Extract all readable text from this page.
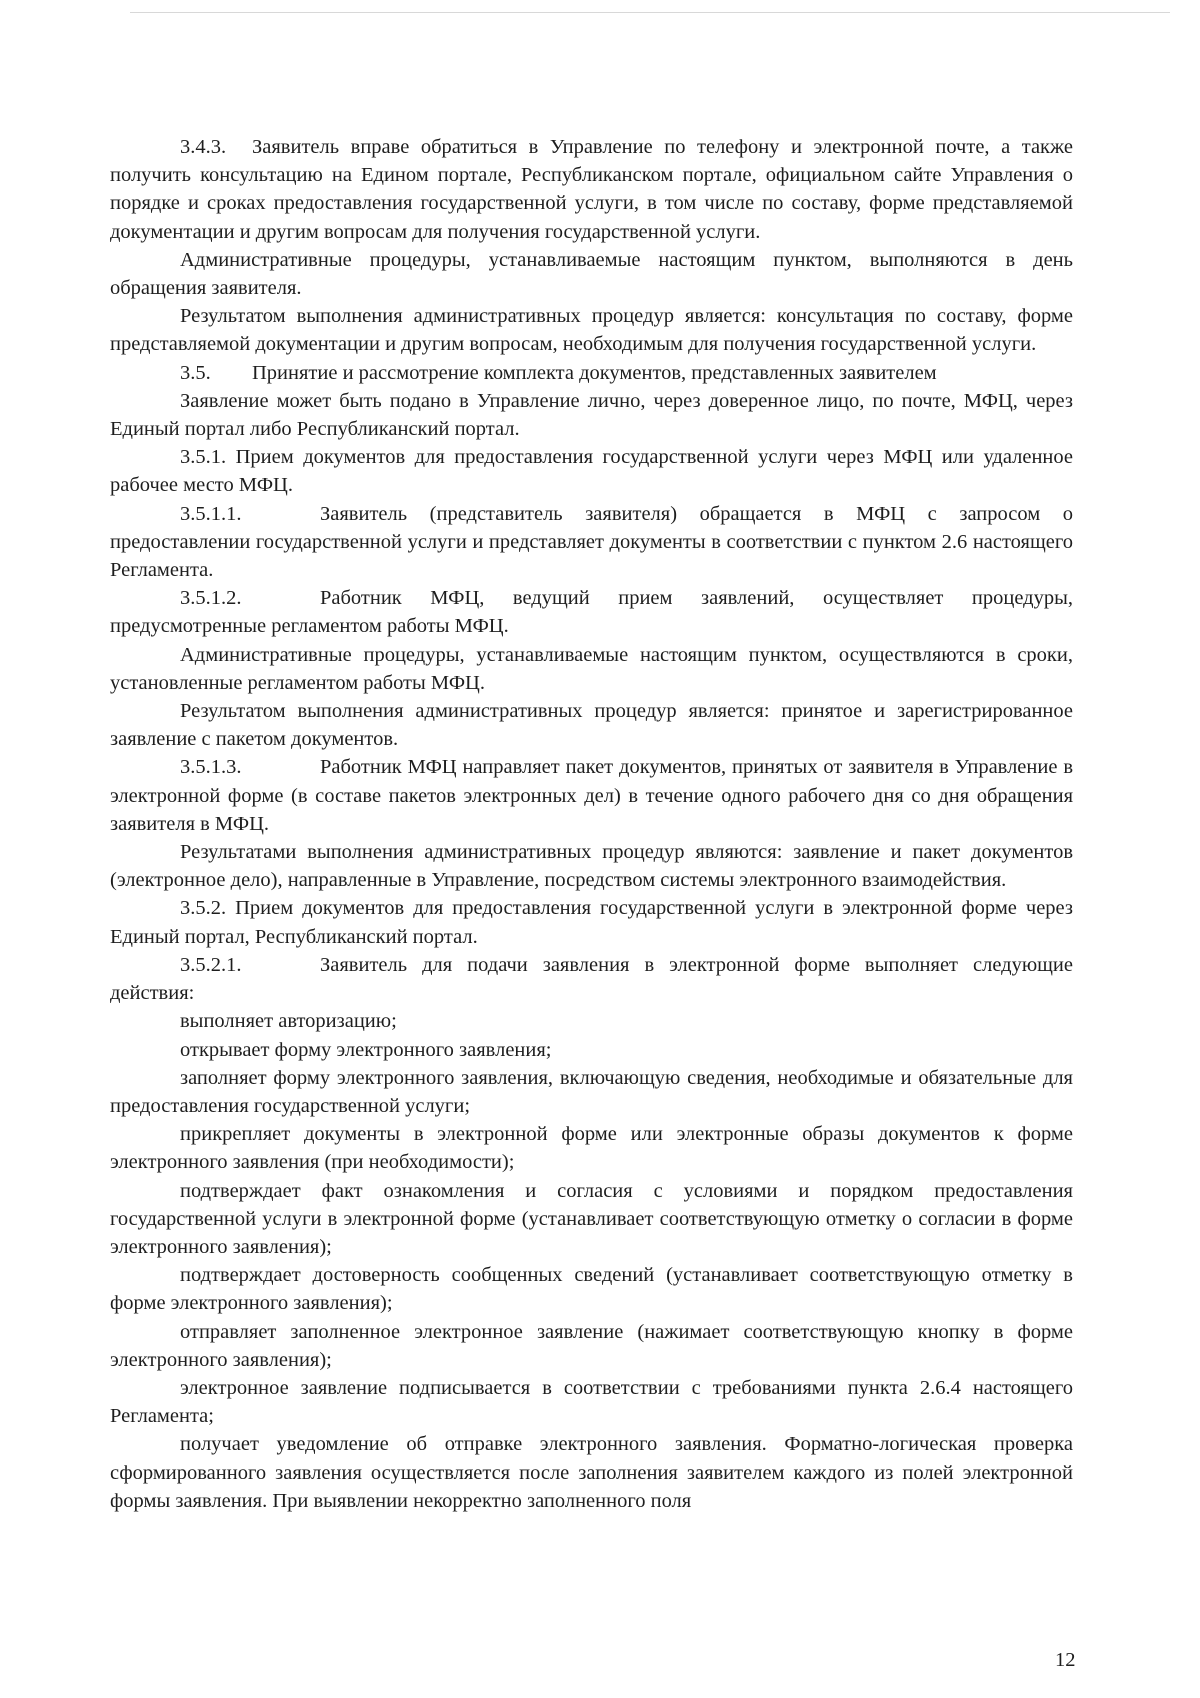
3.4.3. Заявитель вправе обратиться в Управление по телефону и электронной почте, а также получить консультацию на Едином портале, Республиканском портале, официальном сайте Управления о порядке и сроках предоставления государственной услуги, в том числе по составу, форме представляемой документации и другим вопросам для получения государственной услуги.

Административные процедуры, устанавливаемые настоящим пунктом, выполняются в день обращения заявителя.

Результатом выполнения административных процедур является: консультация по составу, форме представляемой документации и другим вопросам, необходимым для получения государственной услуги.

3.5. Принятие и рассмотрение комплекта документов, представленных заявителем

Заявление может быть подано в Управление лично, через доверенное лицо, по почте, МФЦ, через Единый портал либо Республиканский портал.

3.5.1. Прием документов для предоставления государственной услуги через МФЦ или удаленное рабочее место МФЦ.

3.5.1.1.	Заявитель (представитель заявителя) обращается в МФЦ с запросом о предоставлении государственной услуги и представляет документы в соответствии с пунктом 2.6 настоящего Регламента.

3.5.1.2.	Работник МФЦ, ведущий прием заявлений, осуществляет процедуры, предусмотренные регламентом работы МФЦ.

Административные процедуры, устанавливаемые настоящим пунктом, осуществляются в сроки, установленные регламентом работы МФЦ.

Результатом выполнения административных процедур является: принятое и зарегистрированное заявление с пакетом документов.

3.5.1.3.	Работник МФЦ направляет пакет документов, принятых от заявителя в Управление в электронной форме (в составе пакетов электронных дел) в течение одного рабочего дня со дня обращения заявителя в МФЦ.

Результатами выполнения административных процедур являются: заявление и пакет документов (электронное дело), направленные в Управление, посредством системы электронного взаимодействия.

3.5.2. Прием документов для предоставления государственной услуги в электронной форме через Единый портал, Республиканский портал.

3.5.2.1.	Заявитель для подачи заявления в электронной форме выполняет следующие действия:

выполняет авторизацию;

открывает форму электронного заявления;

заполняет форму электронного заявления, включающую сведения, необходимые и обязательные для предоставления государственной услуги;

прикрепляет документы в электронной форме или электронные образы документов к форме электронного заявления (при необходимости);

подтверждает факт ознакомления и согласия с условиями и порядком предоставления государственной услуги в электронной форме (устанавливает соответствующую отметку о согласии в форме электронного заявления);

подтверждает достоверность сообщенных сведений (устанавливает соответствующую отметку в форме электронного заявления);

отправляет заполненное электронное заявление (нажимает соответствующую кнопку в форме электронного заявления);

электронное заявление подписывается в соответствии с требованиями пункта 2.6.4 настоящего Регламента;

получает уведомление об отправке электронного заявления. Форматно-логическая проверка сформированного заявления осуществляется после заполнения заявителем каждого из полей электронной формы заявления. При выявлении некорректно заполненного поля

12
